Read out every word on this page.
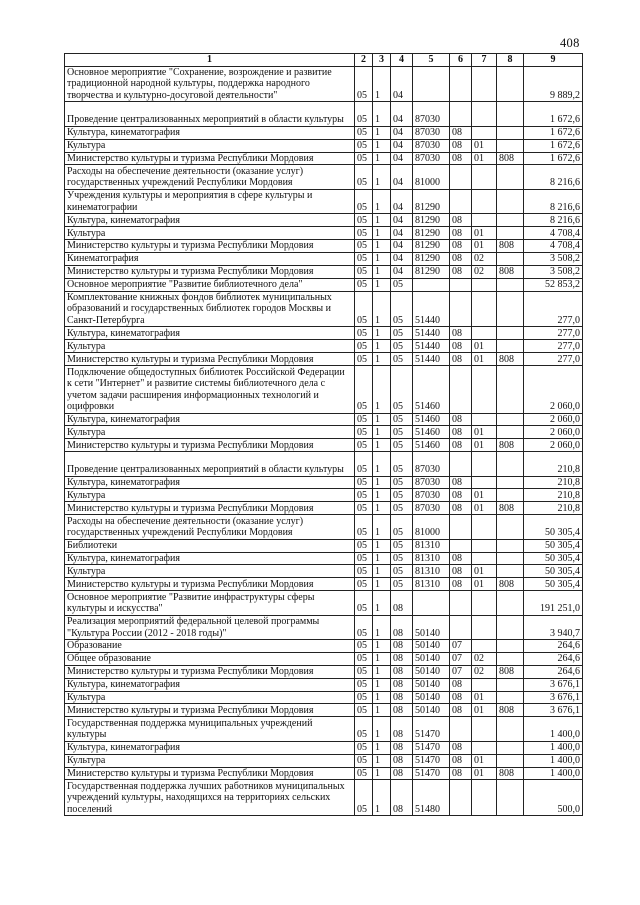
408
1	2	3	4	5	6	7	8	9
Основное мероприятие "Сохранение, возрождение и развитие традиционной народной культуры, поддержка народного творчества и культурно-досуговой деятельности"	05	1	04					9 889,2
Проведение централизованных мероприятий в области культуры	05	1	04	87030				1 672,6
Культура, кинематография	05	1	04	87030	08			1 672,6
Культура	05	1	04	87030	08	01		1 672,6
Министерство культуры и туризма Республики Мордовия	05	1	04	87030	08	01	808	1 672,6
Расходы на обеспечение деятельности (оказание услуг) государственных учреждений Республики Мордовия	05	1	04	81000				8 216,6
Учреждения культуры и мероприятия в сфере культуры и кинематографии	05	1	04	81290				8 216,6
Культура, кинематография	05	1	04	81290	08			8 216,6
Культура	05	1	04	81290	08	01		4 708,4
Министерство культуры и туризма Республики Мордовия	05	1	04	81290	08	01	808	4 708,4
Кинематография	05	1	04	81290	08	02		3 508,2
Министерство культуры и туризма Республики Мордовия	05	1	04	81290	08	02	808	3 508,2
Основное мероприятие "Развитие библиотечного дела"	05	1	05					52 853,2
Комплектование книжных фондов библиотек муниципальных образований и государственных библиотек городов Москвы и Санкт-Петербурга	05	1	05	51440				277,0
Культура, кинематография	05	1	05	51440	08			277,0
Культура	05	1	05	51440	08	01		277,0
Министерство культуры и туризма Республики Мордовия	05	1	05	51440	08	01	808	277,0
Подключение общедоступных библиотек Российской Федерации к сети "Интернет" и развитие системы библиотечного дела с учетом задачи расширения информационных технологий и оцифровки	05	1	05	51460				2 060,0
Культура, кинематография	05	1	05	51460	08			2 060,0
Культура	05	1	05	51460	08	01		2 060,0
Министерство культуры и туризма Республики Мордовия	05	1	05	51460	08	01	808	2 060,0
Проведение централизованных мероприятий в области культуры	05	1	05	87030				210,8
Культура, кинематография	05	1	05	87030	08			210,8
Культура	05	1	05	87030	08	01		210,8
Министерство культуры и туризма Республики Мордовия	05	1	05	87030	08	01	808	210,8
Расходы на обеспечение деятельности (оказание услуг) государственных учреждений Республики Мордовия	05	1	05	81000				50 305,4
Библиотеки	05	1	05	81310				50 305,4
Культура, кинематография	05	1	05	81310	08			50 305,4
Культура	05	1	05	81310	08	01		50 305,4
Министерство культуры и туризма Республики Мордовия	05	1	05	81310	08	01	808	50 305,4
Основное мероприятие "Развитие инфраструктуры сферы культуры и искусства"	05	1	08					191 251,0
Реализация мероприятий федеральной целевой программы "Культура России (2012 - 2018 годы)"	05	1	08	50140				3 940,7
Образование	05	1	08	50140	07			264,6
Общее образование	05	1	08	50140	07	02		264,6
Министерство культуры и туризма Республики Мордовия	05	1	08	50140	07	02	808	264,6
Культура, кинематография	05	1	08	50140	08			3 676,1
Культура	05	1	08	50140	08	01		3 676,1
Министерство культуры и туризма Республики Мордовия	05	1	08	50140	08	01	808	3 676,1
Государственная поддержка муниципальных учреждений культуры	05	1	08	51470				1 400,0
Культура, кинематография	05	1	08	51470	08			1 400,0
Культура	05	1	08	51470	08	01		1 400,0
Министерство культуры и туризма Республики Мордовия	05	1	08	51470	08	01	808	1 400,0
Государственная поддержка лучших работников муниципальных учреждений культуры, находящихся на территориях сельских поселений	05	1	08	51480				500,0
